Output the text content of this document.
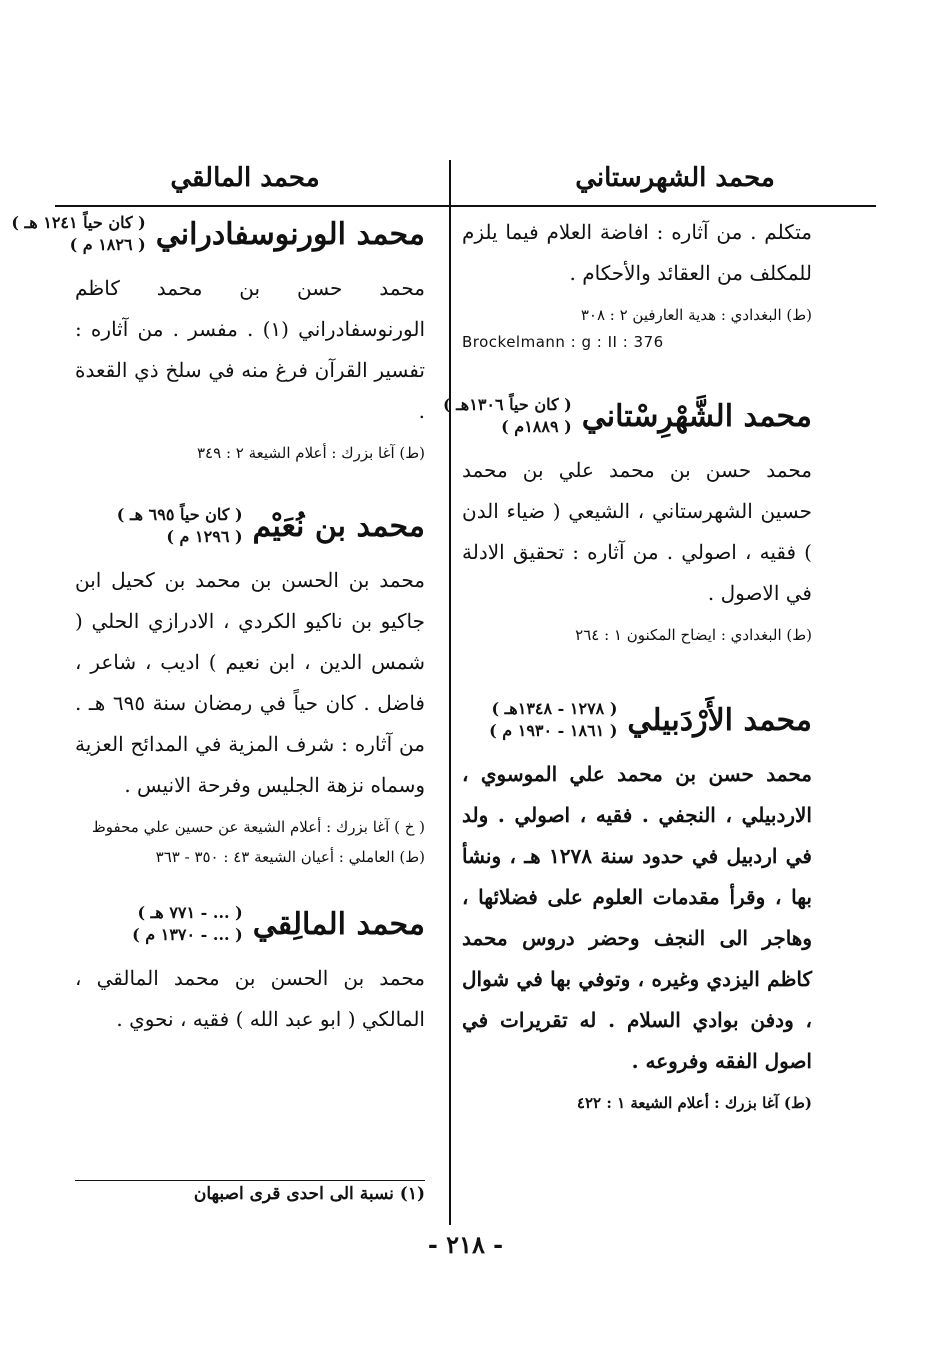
محمد الشهرستاني
محمد المالقي

متكلم . من آثاره : افاضة العلام فيما يلزم للمكلف من العقائد والأحكام .

(ط) البغدادي : هدية العارفين ٢ : ٣٠٨

Brockelmann : g : II : 376

محمد الشَّهْرِسْتاني
( كان حياً ١٣٠٦هـ )
( ١٨٨٩م )

محمد حسن بن محمد علي بن محمد حسين الشهرستاني ، الشيعي ( ضياء الدن ) فقيه ، اصولي . من آثاره : تحقيق الادلة في الاصول .

(ط) البغدادي : ايضاح المكنون ١ : ٢٦٤

محمد الأَرْدَبيلي
( ١٢٧٨ - ١٣٤٨هـ )
( ١٨٦١ - ١٩٣٠ م )

محمد حسن بن محمد علي الموسوي ، الاردبيلي ، النجفي . فقيه ، اصولي . ولد في اردبيل في حدود سنة ١٢٧٨ هـ ، ونشأ بها ، وقرأ مقدمات العلوم على فضلائها ، وهاجر الى النجف وحضر دروس محمد كاظم اليزدي وغيره ، وتوفي بها في شوال ، ودفن بوادي السلام . له تقريرات في اصول الفقه وفروعه .

(ط) آغا بزرك : أعلام الشيعة ١ : ٤٢٢

محمد الورنوسفادراني
( كان حياً ١٢٤١ هـ )
( ١٨٢٦ م )

محمد حسن بن محمد كاظم الورنوسفادراني (١) . مفسر . من آثاره : تفسير القرآن فرغ منه في سلخ ذي القعدة .

(ط) آغا بزرك : أعلام الشيعة ٢ : ٣٤٩

محمد بن نُعَيْم
( كان حياً ٦٩٥ هـ )
( ١٢٩٦ م )

محمد بن الحسن بن محمد بن كحيل ابن جاكيو بن ناكيو الكردي ، الادرازي الحلي ( شمس الدين ، ابن نعيم ) اديب ، شاعر ، فاضل . كان حياً في رمضان سنة ٦٩٥ هـ . من آثاره : شرف المزية في المدائح العزية وسماه نزهة الجليس وفرحة الانيس .

( خ ) آغا بزرك : أعلام الشيعة عن حسين علي محفوظ

(ط) العاملي : أعيان الشيعة ٤٣ : ٣٥٠ - ٣٦٣

محمد المالِقي
( ... - ٧٧١ هـ )
( ... - ١٣٧٠ م )

محمد بن الحسن بن محمد المالقي ، المالكي ( ابو عبد الله ) فقيه ، نحوي .

(١) نسبة الى احدى قرى اصبهان
- ٢١٨ -
